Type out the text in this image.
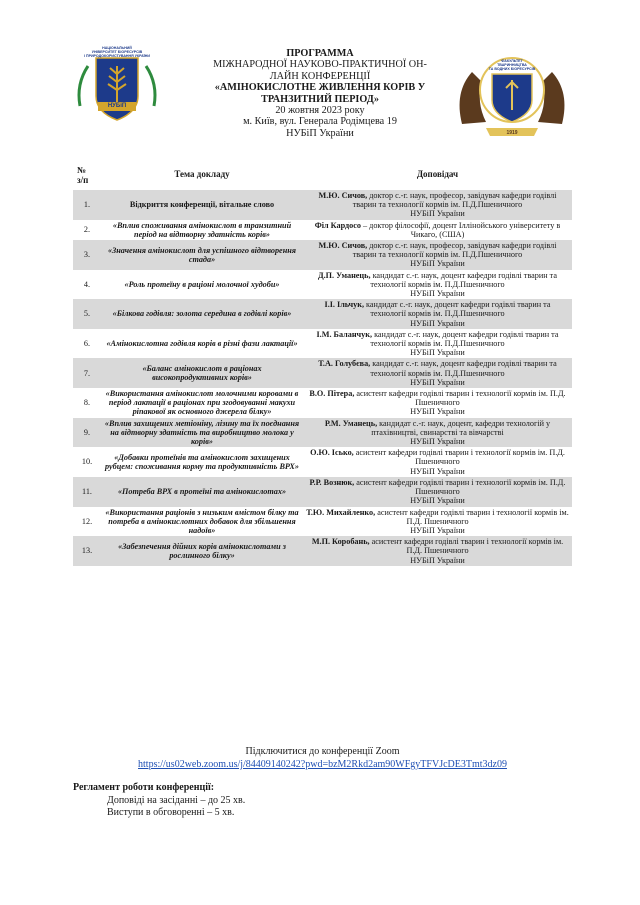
НАЦІОНАЛЬНИЙ
УНІВЕРСИТЕТ БІОРЕСУРСІВ
І ПРИРОДОКОРИСТУВАННЯ УКРАЇНИ
НУБіП
ПРОГРАММА
МІЖНАРОДНОЇ НАУКОВО-ПРАКТИЧНОЇ ОН-
ЛАЙН КОНФЕРЕНЦІЇ
«АМІНОКИСЛОТНЕ ЖИВЛЕННЯ КОРІВ У
ТРАНЗИТНИЙ ПЕРІОД»
20 жовтня 2023 року
м. Київ, вул. Генерала Родімцева 19
НУБіП України
ФАКУЛЬТЕТ
ТВАРИННИЦТВА
ТА ВОДНИХ БІОРЕСУРСІВ
1919
№
з/п	Тема докладу	Доповідач
1.	Відкриття конференції, вітальне слово	М.Ю. Сичов, доктор с.-г. наук, професор, завідувач кафедри годівлі тварин та технології кормів ім. П.Д.Пшеничного
НУБіП України

2.	«Вплив споживання амінокислот в транзитний період на відтворну здатність корів»	Філ Кардосо – доктор філософії, доцент Іллінойського університету в Чикаго, (США)

3.	«Значення амінокислот для успішного відтворення стада»	М.Ю. Сичов, доктор с.-г. наук, професор, завідувач кафедри годівлі тварин та технології кормів ім. П.Д.Пшеничного
НУБіП України

4.	«Роль протеїну в раціоні молочної худоби»	Д.П. Уманець, кандидат с.-г. наук, доцент кафедри годівлі тварин та технології кормів ім. П.Д.Пшеничного
НУБіП України

5.	«Білкова годівля: золота середина в годівлі корів»	І.І. Ільчук, кандидат с.-г. наук, доцент кафедри годівлі тварин та технології кормів ім. П.Д.Пшеничного
НУБіП України

6.	«Амінокислотна годівля корів в різні фази лактації»	І.М. Баланчук, кандидат с.-г. наук, доцент кафедри годівлі тварин та технології кормів ім. П.Д.Пшеничного
НУБіП України

7.	«Баланс амінокислот в раціонах високопродуктивних корів»	Т.А. Голубєва, кандидат с.-г. наук, доцент кафедри годівлі тварин та технології кормів ім. П.Д.Пшеничного
НУБіП України

8.	«Використання амінокислот молочними коровами в період лактації в раціонах при згодовуванні макухи ріпакової як основного джерела білку»	В.О. Пітера, асистент кафедри годівлі тварин і технології кормів ім. П.Д. Пшеничного
НУБіП України

9.	«Вплив захищених метіоніну, лізину та їх поєднання на відтворну здатність та виробництво молока у корів»	Р.М. Уманець, кандидат с.-г. наук, доцент, кафедри технологій у птахівництві, свинарстві та вівчарстві
НУБіП України

10.	«Добавки протеїнів та амінокислот захищених рубцем: споживання корму та продуктивність ВРХ»	О.Ю. Ісько, асистент кафедри годівлі тварин і технології кормів ім. П.Д. Пшеничного
НУБіП України

11.	«Потреба ВРХ в протеїні та амінокислотах»	Р.Р. Вознюк, асистент кафедри годівлі тварин і технології кормів ім. П.Д. Пшеничного
НУБіП України

12.	«Використання раціонів з низьким вмістом білку та потреба в амінокислотних добавок для збільшення надоїв»	Т.Ю. Михайленко, асистент кафедри годівлі тварин і технології кормів ім. П.Д. Пшеничного
НУБіП України

13.	«Забезпечення дійних корів амінокислотами з рослинного білку»	М.П. Коробань, асистент кафедри годівлі тварин і технології кормів ім. П.Д. Пшеничного
НУБіП України
Підключитися до конференції Zoom
https://us02web.zoom.us/j/84409140242?pwd=bzM2Rkd2am90WFgyTFVJcDE3Tmt3dz09
Регламент роботи конференції:
Доповіді на засіданні – до 25 хв.
Виступи в обговоренні – 5 хв.
